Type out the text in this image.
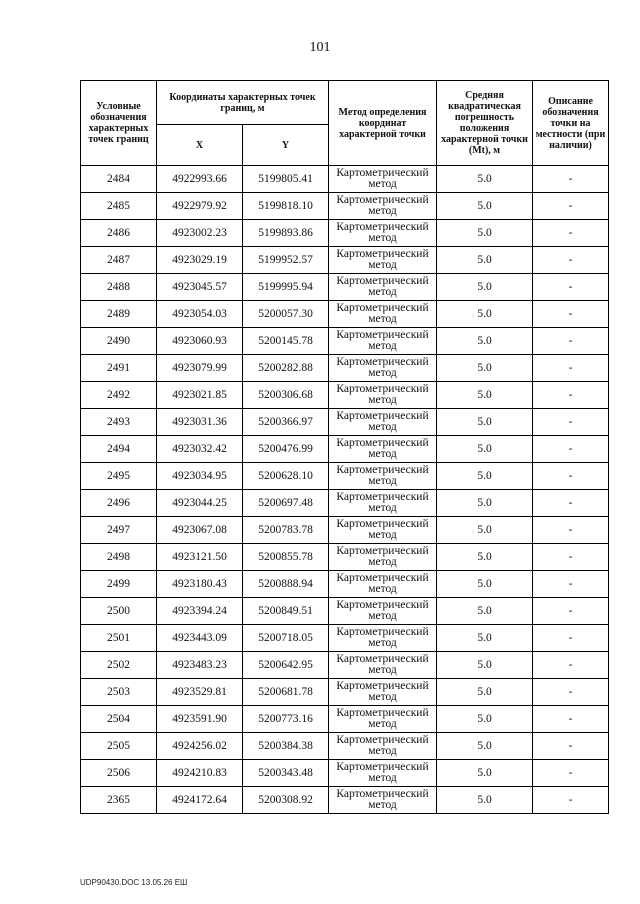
101
Условные обозначения характерных точек границ	Координаты характерных точек границ, м		Метод определения координат характерной точки	Средняя квадратическая погрешность положения характерной точки (Mt), м	Описание обозначения точки на местности (при наличии)
	X	Y			
2484	4922993.66	5199805.41	Картометрический метод	5.0	-
2485	4922979.92	5199818.10	Картометрический метод	5.0	-
2486	4923002.23	5199893.86	Картометрический метод	5.0	-
2487	4923029.19	5199952.57	Картометрический метод	5.0	-
2488	4923045.57	5199995.94	Картометрический метод	5.0	-
2489	4923054.03	5200057.30	Картометрический метод	5.0	-
2490	4923060.93	5200145.78	Картометрический метод	5.0	-
2491	4923079.99	5200282.88	Картометрический метод	5.0	-
2492	4923021.85	5200306.68	Картометрический метод	5.0	-
2493	4923031.36	5200366.97	Картометрический метод	5.0	-
2494	4923032.42	5200476.99	Картометрический метод	5.0	-
2495	4923034.95	5200628.10	Картометрический метод	5.0	-
2496	4923044.25	5200697.48	Картометрический метод	5.0	-
2497	4923067.08	5200783.78	Картометрический метод	5.0	-
2498	4923121.50	5200855.78	Картометрический метод	5.0	-
2499	4923180.43	5200888.94	Картометрический метод	5.0	-
2500	4923394.24	5200849.51	Картометрический метод	5.0	-
2501	4923443.09	5200718.05	Картометрический метод	5.0	-
2502	4923483.23	5200642.95	Картометрический метод	5.0	-
2503	4923529.81	5200681.78	Картометрический метод	5.0	-
2504	4923591.90	5200773.16	Картометрический метод	5.0	-
2505	4924256.02	5200384.38	Картометрический метод	5.0	-
2506	4924210.83	5200343.48	Картометрический метод	5.0	-
2365	4924172.64	5200308.92	Картометрический метод	5.0	-
UDP90430.DOC 13.05.26 ЕШ
